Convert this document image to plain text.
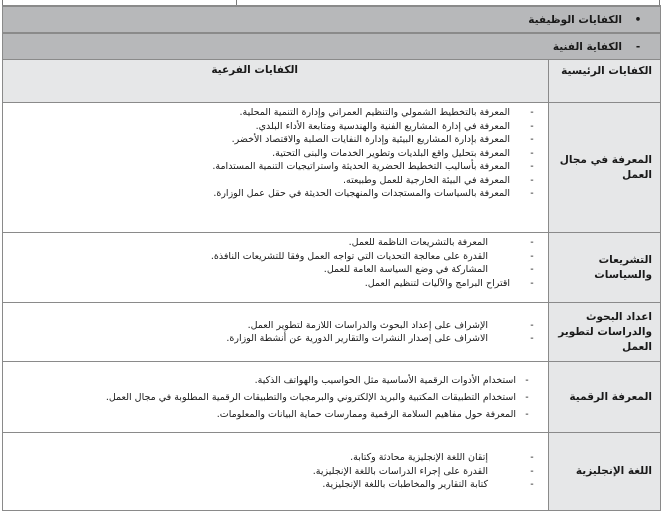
•الكفايات الوظيفية	
-الكفاية الفنية	
الكفايات الرئيسية	الكفايات الفرعية
المعرفة في مجال العمل	
-
المعرفة بالتخطيط الشمولي والتنظيم العمراني وإدارة التنمية المحلية.
-
المعرفة في إدارة المشاريع الفنية والهندسية ومتابعة الأداء البلدي.
-
المعرفة بإدارة المشاريع البيئية وإدارة النفايات الصلبة والاقتصاد الأخضر.
-
المعرفة بتحليل واقع البلديات وتطوير الخدمات والبنى التحتية.
-
المعرفة بأساليب التخطيط الحضرية الحديثة واستراتيجيات التنمية المستدامة.
-
المعرفة في البيئة الخارجية للعمل وطبيعته.
-
المعرفة بالسياسات والمستجدات والمنهجيات الحديثة في حقل عمل الوزارة.

التشريعات والسياسات	
-
المعرفة بالتشريعات الناظمة للعمل.
-
القدرة على معالجة التحديات التي تواجه العمل وفقا للتشريعات النافذة.
-
المشاركة في وضع السياسة العامة للعمل.
-
اقتراح البرامج والآليات لتنظيم العمل.

اعداد البحوث والدراسات لتطوير العمل	
-
الإشراف على إعداد البحوث والدراسات اللازمة لتطوير العمل.
-
الاشراف على إصدار النشرات والتقارير الدورية عن أنشطة الوزارة.

المعرفة الرقمية	
-استخدام الأدوات الرقمية الأساسية مثل الحواسيب والهواتف الذكية.
-استخدام التطبيقات المكتبية والبريد الإلكتروني والبرمجيات والتطبيقات الرقمية المطلوبة في مجال العمل.
-المعرفة حول مفاهيم السلامة الرقمية وممارسات حماية البيانات والمعلومات.

اللغة الإنجليزية	
-
إتقان اللغة الإنجليزية محادثة وكتابة.
-
القدرة على إجراء الدراسات باللغة الإنجليزية.
-
كتابة التقارير والمخاطبات باللغة الإنجليزية.
